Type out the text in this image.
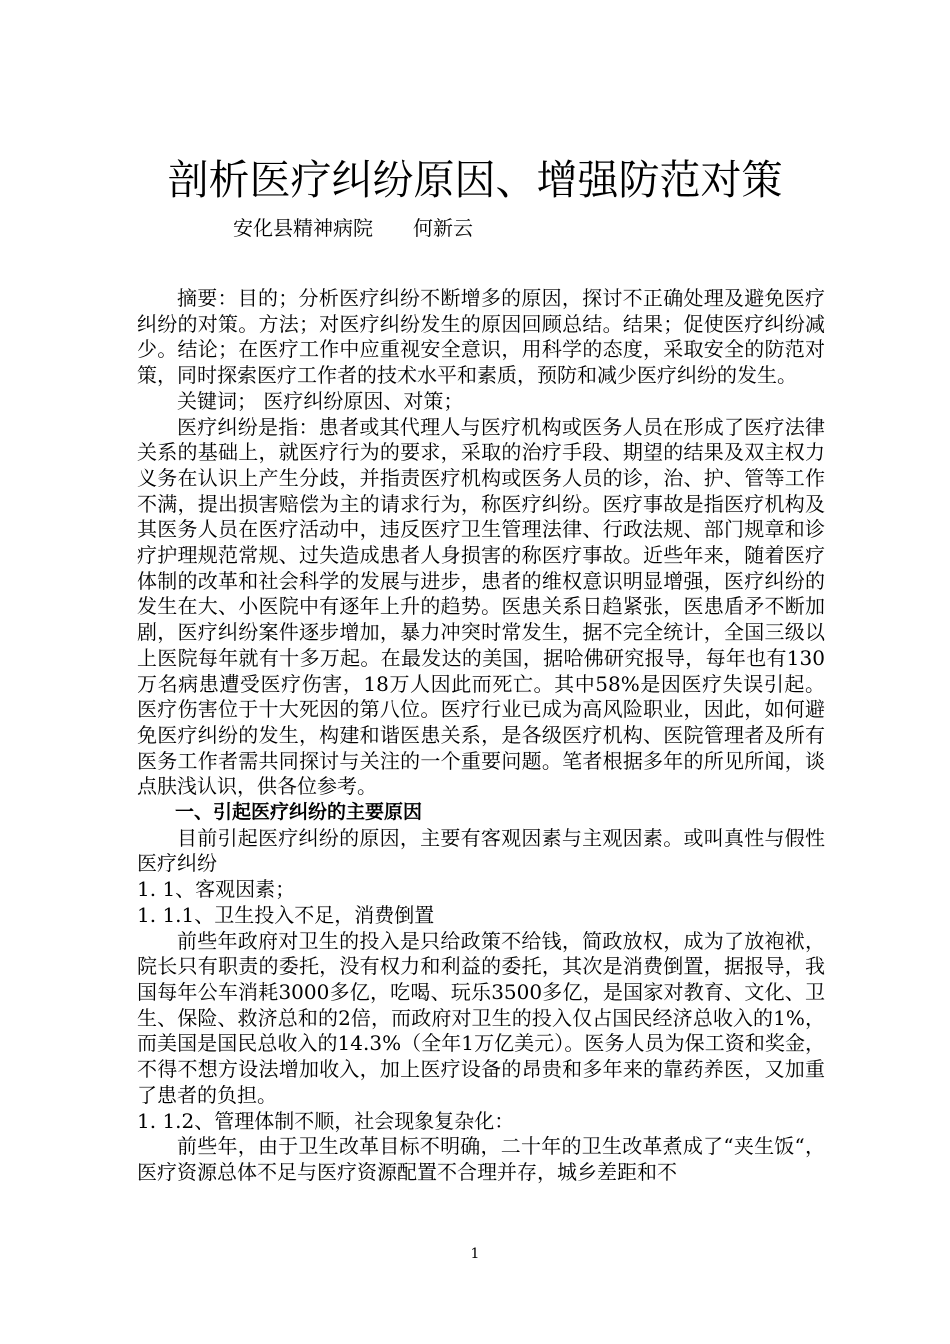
剖析医疗纠纷原因、增强防范对策
安化县精神病院　　何新云

摘要：目的；分析医疗纠纷不断增多的原因，探讨不正确处理及避免医疗纠纷的对策。方法；对医疗纠纷发生的原因回顾总结。结果；促使医疗纠纷减少。结论；在医疗工作中应重视安全意识，用科学的态度，采取安全的防范对策，同时探索医疗工作者的技术水平和素质，预防和减少医疗纠纷的发生。

关键词； 医疗纠纷原因、对策；

医疗纠纷是指：患者或其代理人与医疗机构或医务人员在形成了医疗法律关系的基础上，就医疗行为的要求，采取的治疗手段、期望的结果及双主权力义务在认识上产生分歧，并指责医疗机构或医务人员的诊，治、护、管等工作不满，提出损害赔偿为主的请求行为，称医疗纠纷。医疗事故是指医疗机构及其医务人员在医疗活动中，违反医疗卫生管理法律、行政法规、部门规章和诊疗护理规范常规、过失造成患者人身损害的称医疗事故。近些年来，随着医疗体制的改革和社会科学的发展与进步，患者的维权意识明显增强，医疗纠纷的发生在大、小医院中有逐年上升的趋势。医患关系日趋紧张，医患盾矛不断加剧，医疗纠纷案件逐步增加，暴力冲突时常发生，据不完全统计，全国三级以上医院每年就有十多万起。在最发达的美国，据哈佛研究报导，每年也有130万名病患遭受医疗伤害，18万人因此而死亡。其中58%是因医疗失误引起。医疗伤害位于十大死因的第八位。医疗行业已成为高风险职业，因此，如何避免医疗纠纷的发生，构建和谐医患关系，是各级医疗机构、医院管理者及所有医务工作者需共同探讨与关注的一个重要问题。笔者根据多年的所见所闻，谈点肤浅认识，供各位参考。

一、引起医疗纠纷的主要原因

目前引起医疗纠纷的原因，主要有客观因素与主观因素。或叫真性与假性医疗纠纷

1. 1、客观因素；

1. 1.1、卫生投入不足，消费倒置

前些年政府对卫生的投入是只给政策不给钱，简政放权，成为了放袍袱，院长只有职责的委托，没有权力和利益的委托，其次是消费倒置，据报导，我国每年公车消耗3000多亿，吃喝、玩乐3500多亿，是国家对教育、文化、卫生、保险、救济总和的2倍，而政府对卫生的投入仅占国民经济总收入的1%，而美国是国民总收入的14.3%（全年1万亿美元）。医务人员为保工资和奖金，不得不想方设法增加收入，加上医疗设备的昂贵和多年来的靠药养医，又加重了患者的负担。

1. 1.2、管理体制不顺，社会现象复杂化：

前些年，由于卫生改革目标不明确，二十年的卫生改革煮成了“夹生饭“，医疗资源总体不足与医疗资源配置不合理并存，城乡差距和不

1
